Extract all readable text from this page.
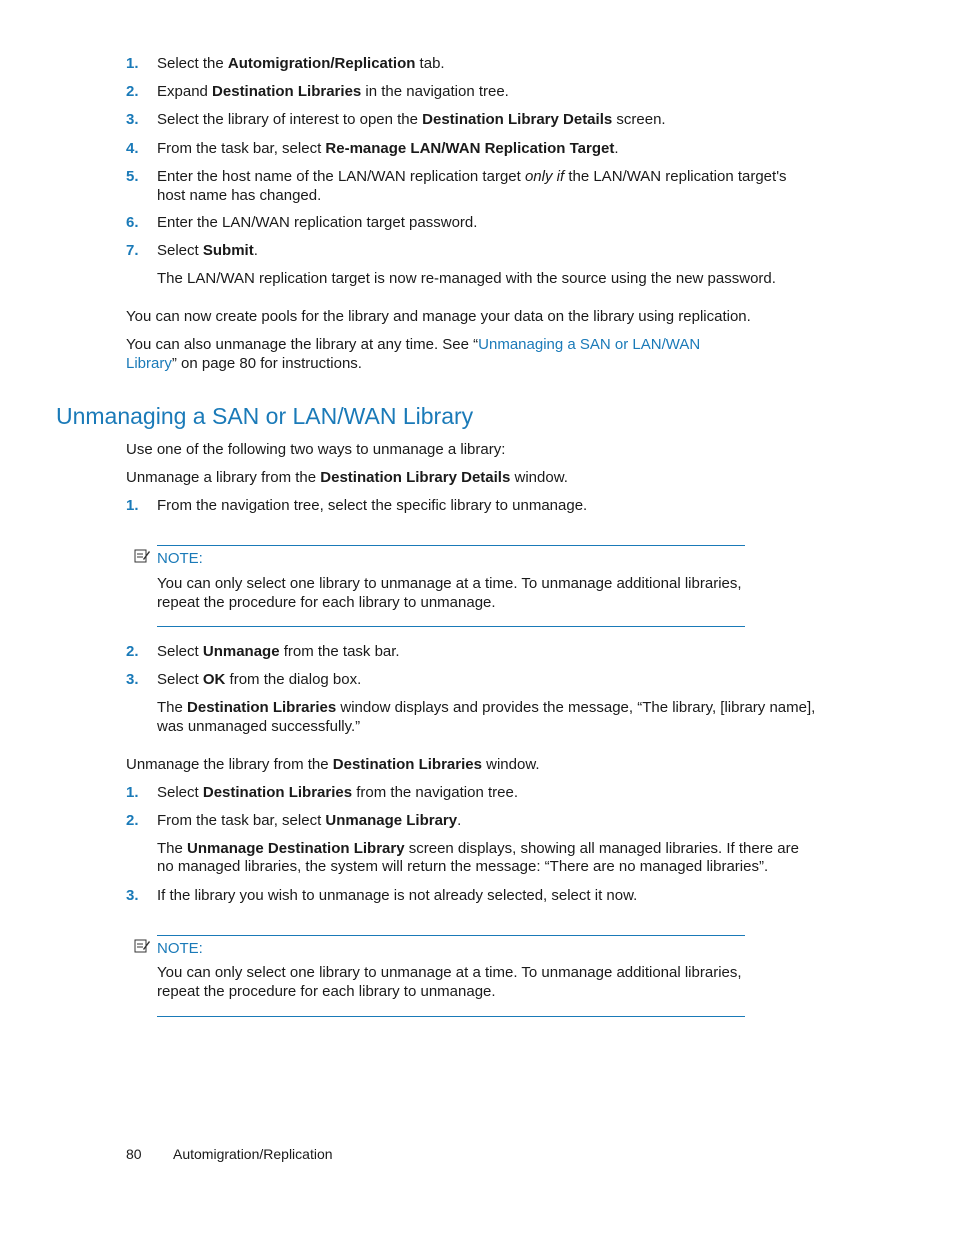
1. Select the Automigration/Replication tab.
2. Expand Destination Libraries in the navigation tree.
3. Select the library of interest to open the Destination Library Details screen.
4. From the task bar, select Re-manage LAN/WAN Replication Target.
5. Enter the host name of the LAN/WAN replication target only if the LAN/WAN replication target's host name has changed.
6. Enter the LAN/WAN replication target password.
7. Select Submit.
The LAN/WAN replication target is now re-managed with the source using the new password.
You can now create pools for the library and manage your data on the library using replication.
You can also unmanage the library at any time. See “Unmanaging a SAN or LAN/WAN
Library” on page 80 for instructions.
Unmanaging a SAN or LAN/WAN Library
Use one of the following two ways to unmanage a library:
Unmanage a library from the Destination Library Details window.
1. From the navigation tree, select the specific library to unmanage.
NOTE:
You can only select one library to unmanage at a time. To unmanage additional libraries,
repeat the procedure for each library to unmanage.
2. Select Unmanage from the task bar.
3. Select OK from the dialog box.
The Destination Libraries window displays and provides the message, “The library, [library name],
was unmanaged successfully.”
Unmanage the library from the Destination Libraries window.
1. Select Destination Libraries from the navigation tree.
2. From the task bar, select Unmanage Library.
The Unmanage Destination Library screen displays, showing all managed libraries. If there are
no managed libraries, the system will return the message: “There are no managed libraries”.
3. If the library you wish to unmanage is not already selected, select it now.
NOTE:
You can only select one library to unmanage at a time. To unmanage additional libraries,
repeat the procedure for each library to unmanage.
80 Automigration/Replication
